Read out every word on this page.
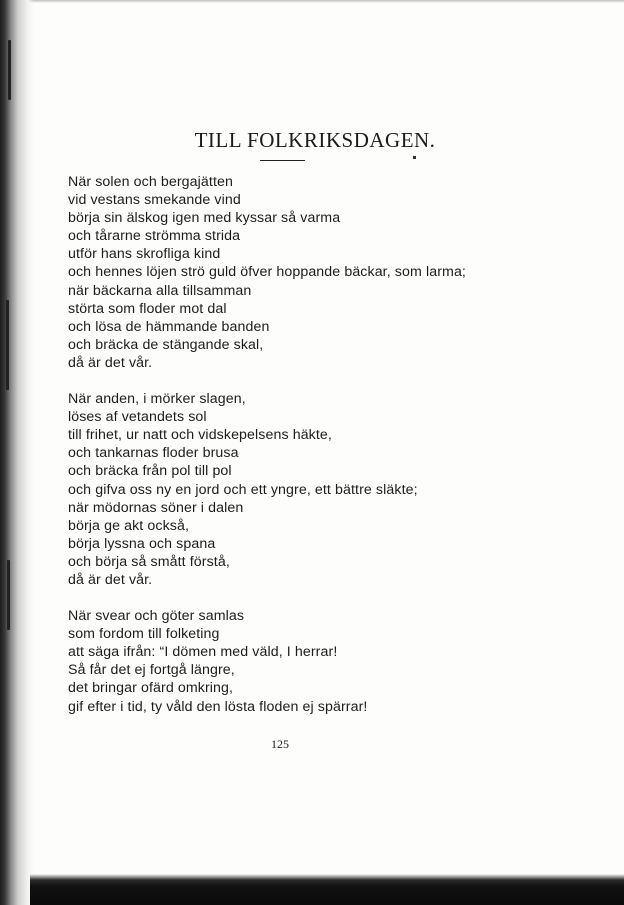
TILL FOLKRIKSDAGEN.
När solen och bergajätten
vid vestans smekande vind
börja sin älskog igen med kyssar så varma
och tårarne strömma strida
utför hans skrofliga kind
och hennes löjen strö guld öfver hoppande bäckar, som larma;
när bäckarna alla tillsamman
störta som floder mot dal
och lösa de hämmande banden
och bräcka de stängande skal,
då är det vår.
När anden, i mörker slagen,
löses af vetandets sol
till frihet, ur natt och vidskepelsens häkte,
och tankarnas floder brusa
och bräcka från pol till pol
och gifva oss ny en jord och ett yngre, ett bättre släkte;
när mödornas söner i dalen
börja ge akt också,
börja lyssna och spana
och börja så smått förstå,
då är det vår.
När svear och göter samlas
som fordom till folketing
att säga ifrån: “I dömen med väld, I herrar!
Så får det ej fortgå längre,
det bringar ofärd omkring,
gif efter i tid, ty våld den lösta floden ej spärrar!
125
